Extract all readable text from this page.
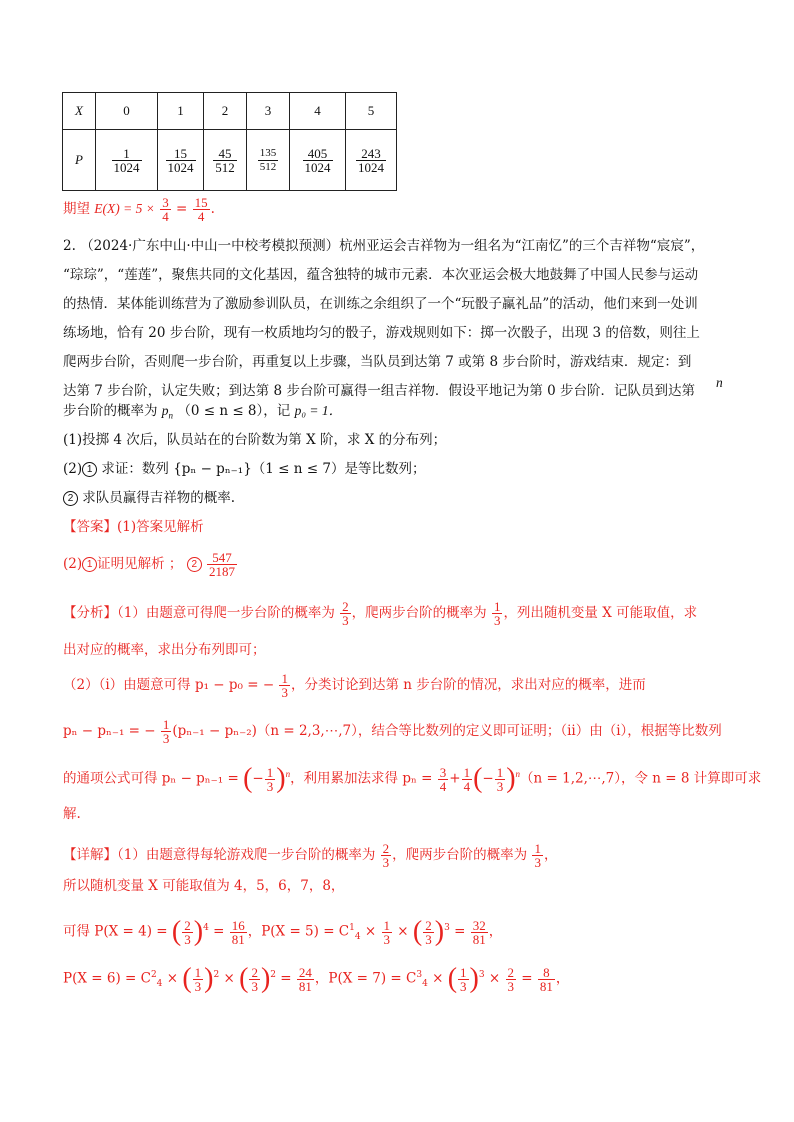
X	0	1	2	3	4	5
P	$\frac{1}{1024}$	$\frac{15}{1024}$	$\frac{45}{512}$	$\frac{135}{512}$	$\frac{405}{1024}$	$\frac{243}{1024}$
期望 $E(X) = 5 \times \frac{3}{4} = \frac{15}{4}$ .
2. （2024·广东中山·中山一中校考模拟预测）杭州亚运会吉祥物为一组名为“江南忆”的三个吉祥物“宸宸”，
“琮琮”，“莲莲”，聚焦共同的文化基因，蕴含独特的城市元素．本次亚运会极大地鼓舞了中国人民参与运动
的热情．某体能训练营为了激励参训队员，在训练之余组织了一个“玩骰子赢礼品”的活动，他们来到一处训
练场地，恰有 20 步台阶，现有一枚质地均匀的骰子，游戏规则如下：掷一次骰子，出现 3 的倍数，则往上
爬两步台阶，否则爬一步台阶，再重复以上步骤，当队员到达第 7 或第 8 步台阶时，游戏结束．规定：到
达第 7 步台阶，认定失败；到达第 8 步台阶可赢得一组吉祥物．假设平地记为第 0 步台阶．记队员到达第
n
步台阶的概率为 $p_n$ （0 ≤ n ≤ 8），记 p₀ = 1．
(1)投掷 4 次后，队员站在的台阶数为第 X 阶，求 X 的分布列；
(2) 1 求证：数列 {pₙ − pₙ₋₁}（1 ≤ n ≤ 7）是等比数列；
2 求队员赢得吉祥物的概率.
【答案】(1)答案见解析
(2) 1 证明见解析 ； $2 \frac{547}{2187}$
【分析】（1）由题意可得爬一步台阶的概率为 $\frac{2}{3}$ ，爬两步台阶的概率为 $\frac{1}{3}$ ，列出随机变量 X 可能取值，求
出对应的概率，求出分布列即可；
（2）（i）由题意可得 p₁ − p₀ = − $\frac{1}{3}$ ，分类讨论到达第 n 步台阶的情况，求出对应的概率，进而
pₙ − pₙ₋₁ = − $\frac{1}{3} (p_{n-1} - p_{n-2})(n$ = 2,3,⋯,7），结合等比数列的定义即可证明；（ii）由（i），根据等比数列
的通项公式可得 pₙ − pₙ₋₁ = (− $\frac{1}{3} )^n$，利用累加法求得 $p_n = \frac{3}{4} + \frac{1}{4}$ (− $\frac{1}{3} )^n(n$ = 1,2,⋯,7），令 n = 8 计算即可求
解.
【详解】（1）由题意得每轮游戏爬一步台阶的概率为 $\frac{2}{3}$ ，爬两步台阶的概率为 $\frac{1}{3}$ ，
所以随机变量 X 可能取值为 4，5，6，7，8，
可得 P(X = 4) = ( $\frac{2}{3} )^4 = \frac{16}{81}$ ，$P(X = 5) = C^1_4 \times \frac{1}{3}$ × ( $\frac{2}{3} )^3 = \frac{32}{81}$ ，
$P(X = 6) = C^2_4$ × ( $\frac{1}{3} )^2$ × ( $\frac{2}{3} )^2 = \frac{24}{81}$ ，$P(X = 7) = C^3_4$ × ( $\frac{1}{3} )^3 \times \frac{2}{3} = \frac{8}{81}$ ，
